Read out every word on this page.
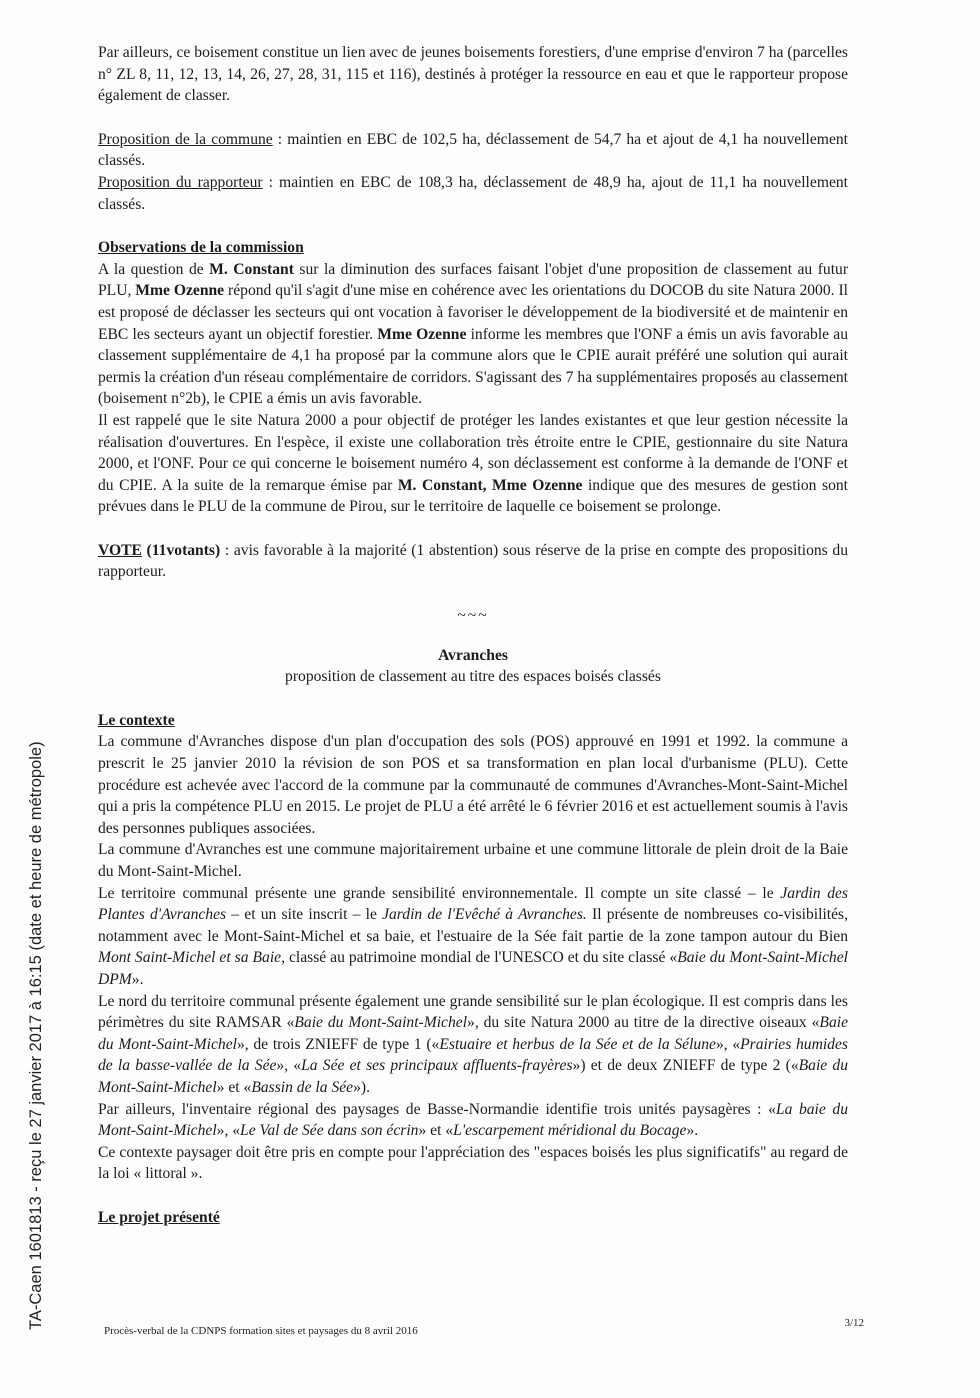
TA-Caen 1601813 - reçu le 27 janvier 2017 à 16:15 (date et heure de métropole)

Par ailleurs, ce boisement constitue un lien avec de jeunes boisements forestiers, d'une emprise d'environ 7 ha (parcelles n° ZL 8, 11, 12, 13, 14, 26, 27, 28, 31, 115 et 116), destinés à protéger la ressource en eau et que le rapporteur propose également de classer.

Proposition de la commune : maintien en EBC de 102,5 ha, déclassement de 54,7 ha et ajout de 4,1 ha nouvellement classés.

Proposition du rapporteur : maintien en EBC de 108,3 ha, déclassement de 48,9 ha, ajout de 11,1 ha nouvellement classés.

Observations de la commission

A la question de M. Constant sur la diminution des surfaces faisant l'objet d'une proposition de classement au futur PLU, Mme Ozenne répond qu'il s'agit d'une mise en cohérence avec les orientations du DOCOB du site Natura 2000. Il est proposé de déclasser les secteurs qui ont vocation à favoriser le développement de la biodiversité et de maintenir en EBC les secteurs ayant un objectif forestier. Mme Ozenne informe les membres que l'ONF a émis un avis favorable au classement supplémentaire de 4,1 ha proposé par la commune alors que le CPIE aurait préféré une solution qui aurait permis la création d'un réseau complémentaire de corridors. S'agissant des 7 ha supplémentaires proposés au classement (boisement n°2b), le CPIE a émis un avis favorable.

Il est rappelé que le site Natura 2000 a pour objectif de protéger les landes existantes et que leur gestion nécessite la réalisation d'ouvertures. En l'espèce, il existe une collaboration très étroite entre le CPIE, gestionnaire du site Natura 2000, et l'ONF. Pour ce qui concerne le boisement numéro 4, son déclassement est conforme à la demande de l'ONF et du CPIE. A la suite de la remarque émise par M. Constant, Mme Ozenne indique que des mesures de gestion sont prévues dans le PLU de la commune de Pirou, sur le territoire de laquelle ce boisement se prolonge.

VOTE (11votants) : avis favorable à la majorité (1 abstention) sous réserve de la prise en compte des propositions du rapporteur.

~~~

Avranches

proposition de classement au titre des espaces boisés classés

Le contexte

La commune d'Avranches dispose d'un plan d'occupation des sols (POS) approuvé en 1991 et 1992. la commune a prescrit le 25 janvier 2010 la révision de son POS et sa transformation en plan local d'urbanisme (PLU). Cette procédure est achevée avec l'accord de la commune par la communauté de communes d'Avranches-Mont-Saint-Michel qui a pris la compétence PLU en 2015. Le projet de PLU a été arrêté le 6 février 2016 et est actuellement soumis à l'avis des personnes publiques associées.

La commune d'Avranches est une commune majoritairement urbaine et une commune littorale de plein droit de la Baie du Mont-Saint-Michel.

Le territoire communal présente une grande sensibilité environnementale. Il compte un site classé – le Jardin des Plantes d'Avranches – et un site inscrit – le Jardin de l'Evêché à Avranches. Il présente de nombreuses co-visibilités, notamment avec le Mont-Saint-Michel et sa baie, et l'estuaire de la Sée fait partie de la zone tampon autour du Bien Mont Saint-Michel et sa Baie, classé au patrimoine mondial de l'UNESCO et du site classé «Baie du Mont-Saint-Michel DPM».

Le nord du territoire communal présente également une grande sensibilité sur le plan écologique. Il est compris dans les périmètres du site RAMSAR «Baie du Mont-Saint-Michel», du site Natura 2000 au titre de la directive oiseaux «Baie du Mont-Saint-Michel», de trois ZNIEFF de type 1 («Estuaire et herbus de la Sée et de la Sélune», «Prairies humides de la basse-vallée de la Sée», «La Sée et ses principaux affluents-frayères») et de deux ZNIEFF de type 2 («Baie du Mont-Saint-Michel» et «Bassin de la Sée»).

Par ailleurs, l'inventaire régional des paysages de Basse-Normandie identifie trois unités paysagères : «La baie du Mont-Saint-Michel», «Le Val de Sée dans son écrin» et «L'escarpement méridional du Bocage».

Ce contexte paysager doit être pris en compte pour l'appréciation des "espaces boisés les plus significatifs" au regard de la loi « littoral ».

Le projet présenté

Procès-verbal de la CDNPS formation sites et paysages du 8 avril 2016
3/12
